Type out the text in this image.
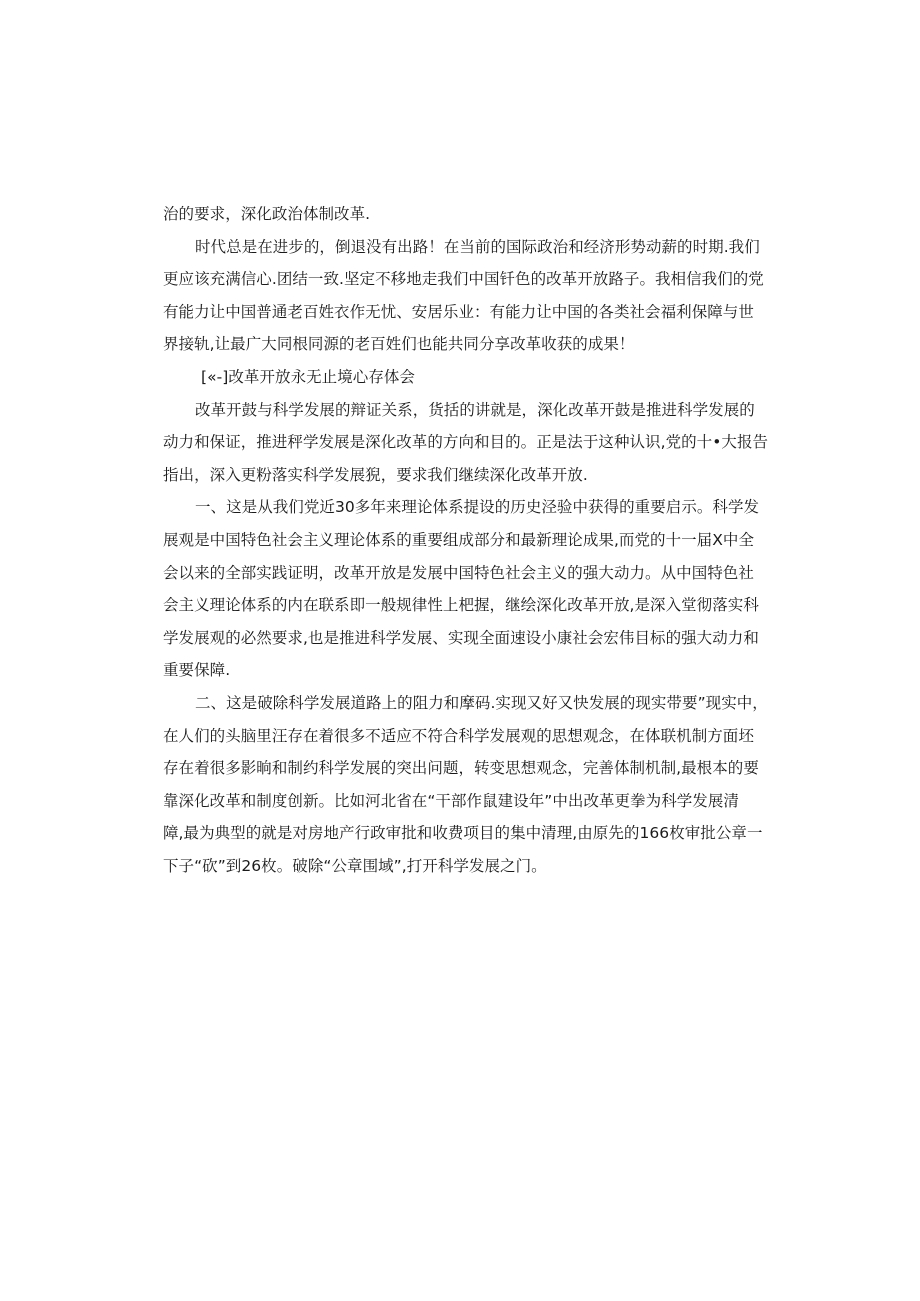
治的要求，深化政治体制改革.
时代总是在进步的，倒退没有出路！在当前的国际政治和经济形势动薪的时期.我们
更应该充满信心.团结一致.坚定不移地走我们中国钎色的改革开放路子。我相信我们的党
有能力让中国普通老百姓衣作无忧、安居乐业：有能力让中国的各类社会福利保障与世
界接轨,让最广大同根同源的老百姓们也能共同分享改革收获的成果！
[«-]改革开放永无止境心存体会
改革开鼓与科学发展的辩证关系，货括的讲就是，深化改革开鼓是推进科学发展的
动力和保证，推进秤学发展是深化改革的方向和目的。正是法于这种认识,党的十•大报告
指出，深入更粉落实科学发展猊，要求我们继续深化改革开放.
一、这是从我们党近30多年来理论体系提设的历史泾验中获得的重要启示。科学发
展观是中国特色社会主义理论体系的重要组成部分和最新理论成果,而党的十一届X中全
会以来的全部实践证明，改革开放是发展中国特色社会主义的强大动力。从中国特色社
会主义理论体系的内在联系即一般规律性上杷握，继绘深化改革开放,是深入堂彻落实科
学发展观的必然要求,也是推进科学发展、实现全面速设小康社会宏伟目标的强大动力和
重要保障.
二、这是破除科学发展道路上的阻力和摩码.实现又好又快发展的现实带要”现实中，
在人们的头脑里汪存在着很多不适应不符合科学发展观的思想观念，在体联机制方面坯
存在着很多影晌和制约科学发展的突出问题，转变思想观念，完善体制机制,最根本的要
靠深化改革和制度创新。比如河北省在“干部作鼠建设年”中出改革更拳为科学发展清
障,最为典型的就是对房地产行政审批和收费项目的集中清理,由原先的166枚审批公章一
下子“砍”到26枚。破除“公章围域”,打开科学发展之门。
